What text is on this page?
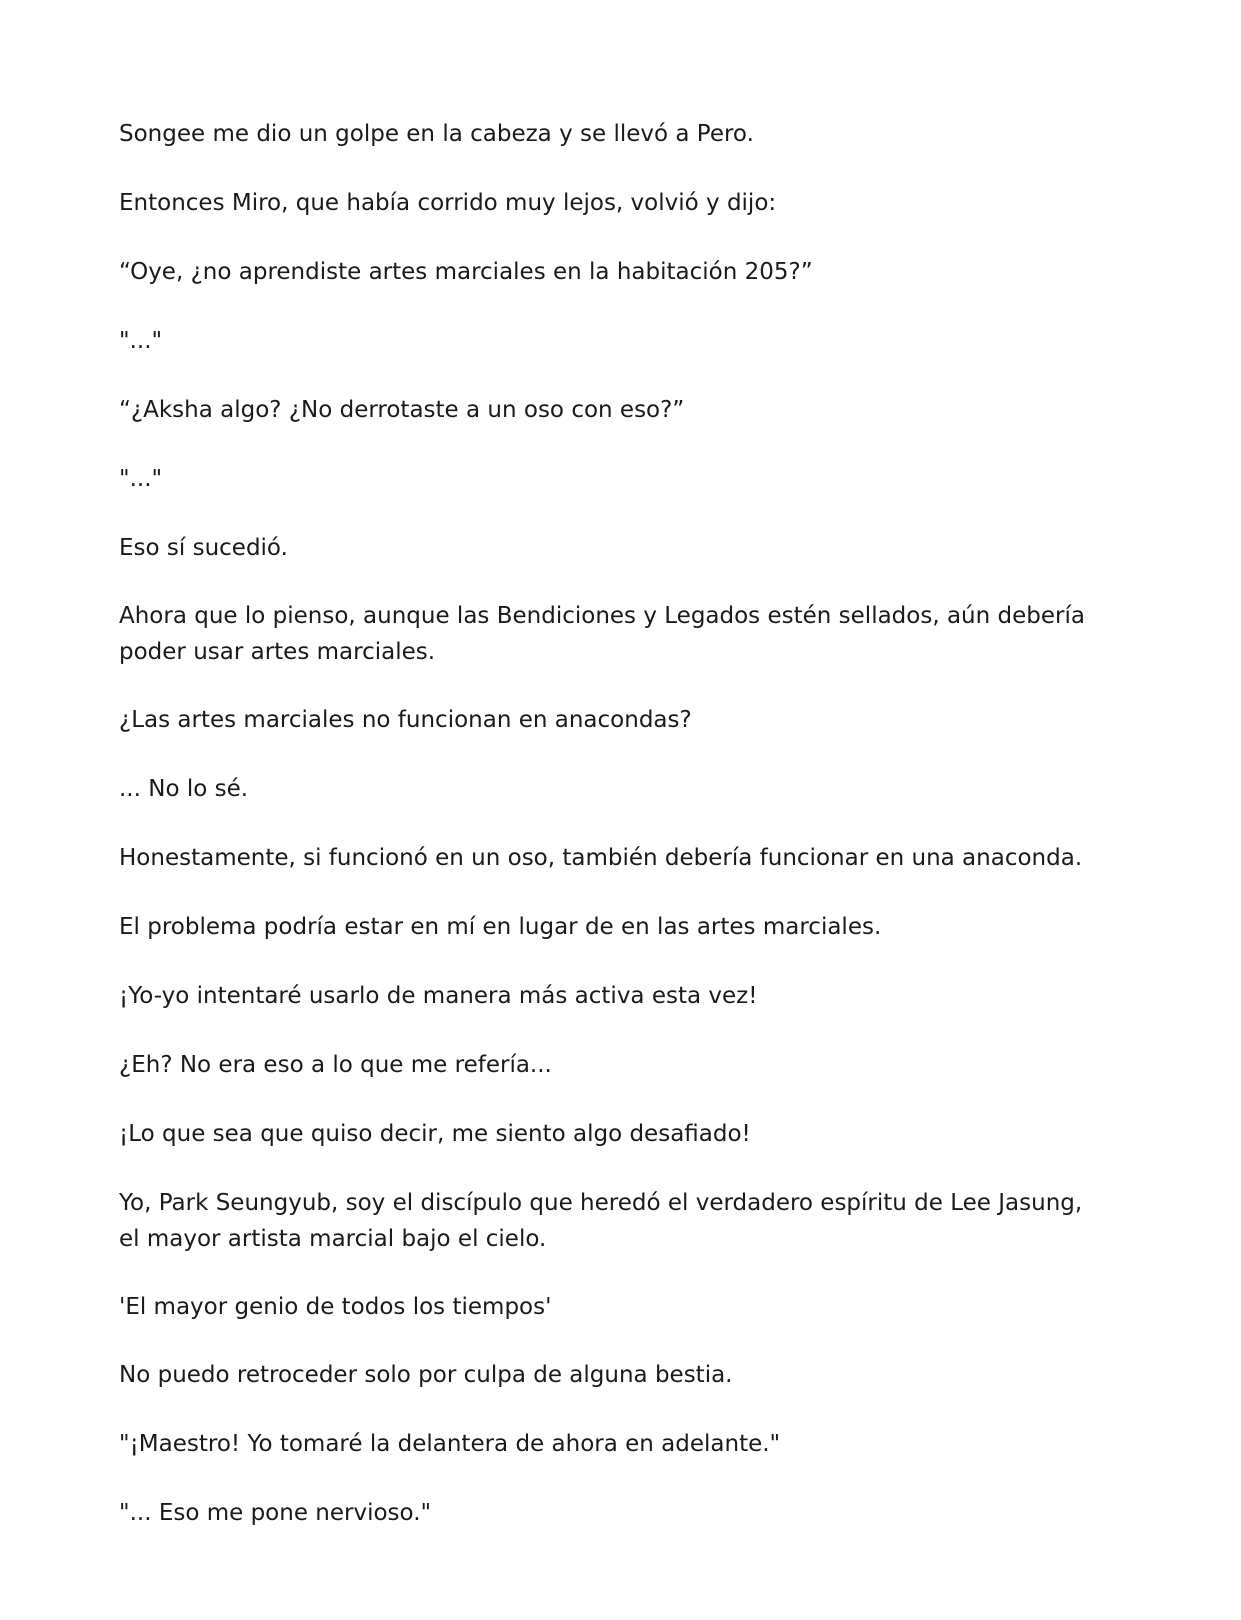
Songee me dio un golpe en la cabeza y se llevó a Pero.

Entonces Miro, que había corrido muy lejos, volvió y dijo:

“Oye, ¿no aprendiste artes marciales en la habitación 205?”

"..."

“¿Aksha algo? ¿No derrotaste a un oso con eso?”

"..."

Eso sí sucedió.

Ahora que lo pienso, aunque las Bendiciones y Legados estén sellados, aún debería
poder usar artes marciales.

¿Las artes marciales no funcionan en anacondas?

... No lo sé.

Honestamente, si funcionó en un oso, también debería funcionar en una anaconda.

El problema podría estar en mí en lugar de en las artes marciales.

¡Yo-yo intentaré usarlo de manera más activa esta vez!

¿Eh? No era eso a lo que me refería...

¡Lo que sea que quiso decir, me siento algo desafiado!

Yo, Park Seungyub, soy el discípulo que heredó el verdadero espíritu de Lee Jasung,
el mayor artista marcial bajo el cielo.

'El mayor genio de todos los tiempos'

No puedo retroceder solo por culpa de alguna bestia.

"¡Maestro! Yo tomaré la delantera de ahora en adelante."

"... Eso me pone nervioso."
